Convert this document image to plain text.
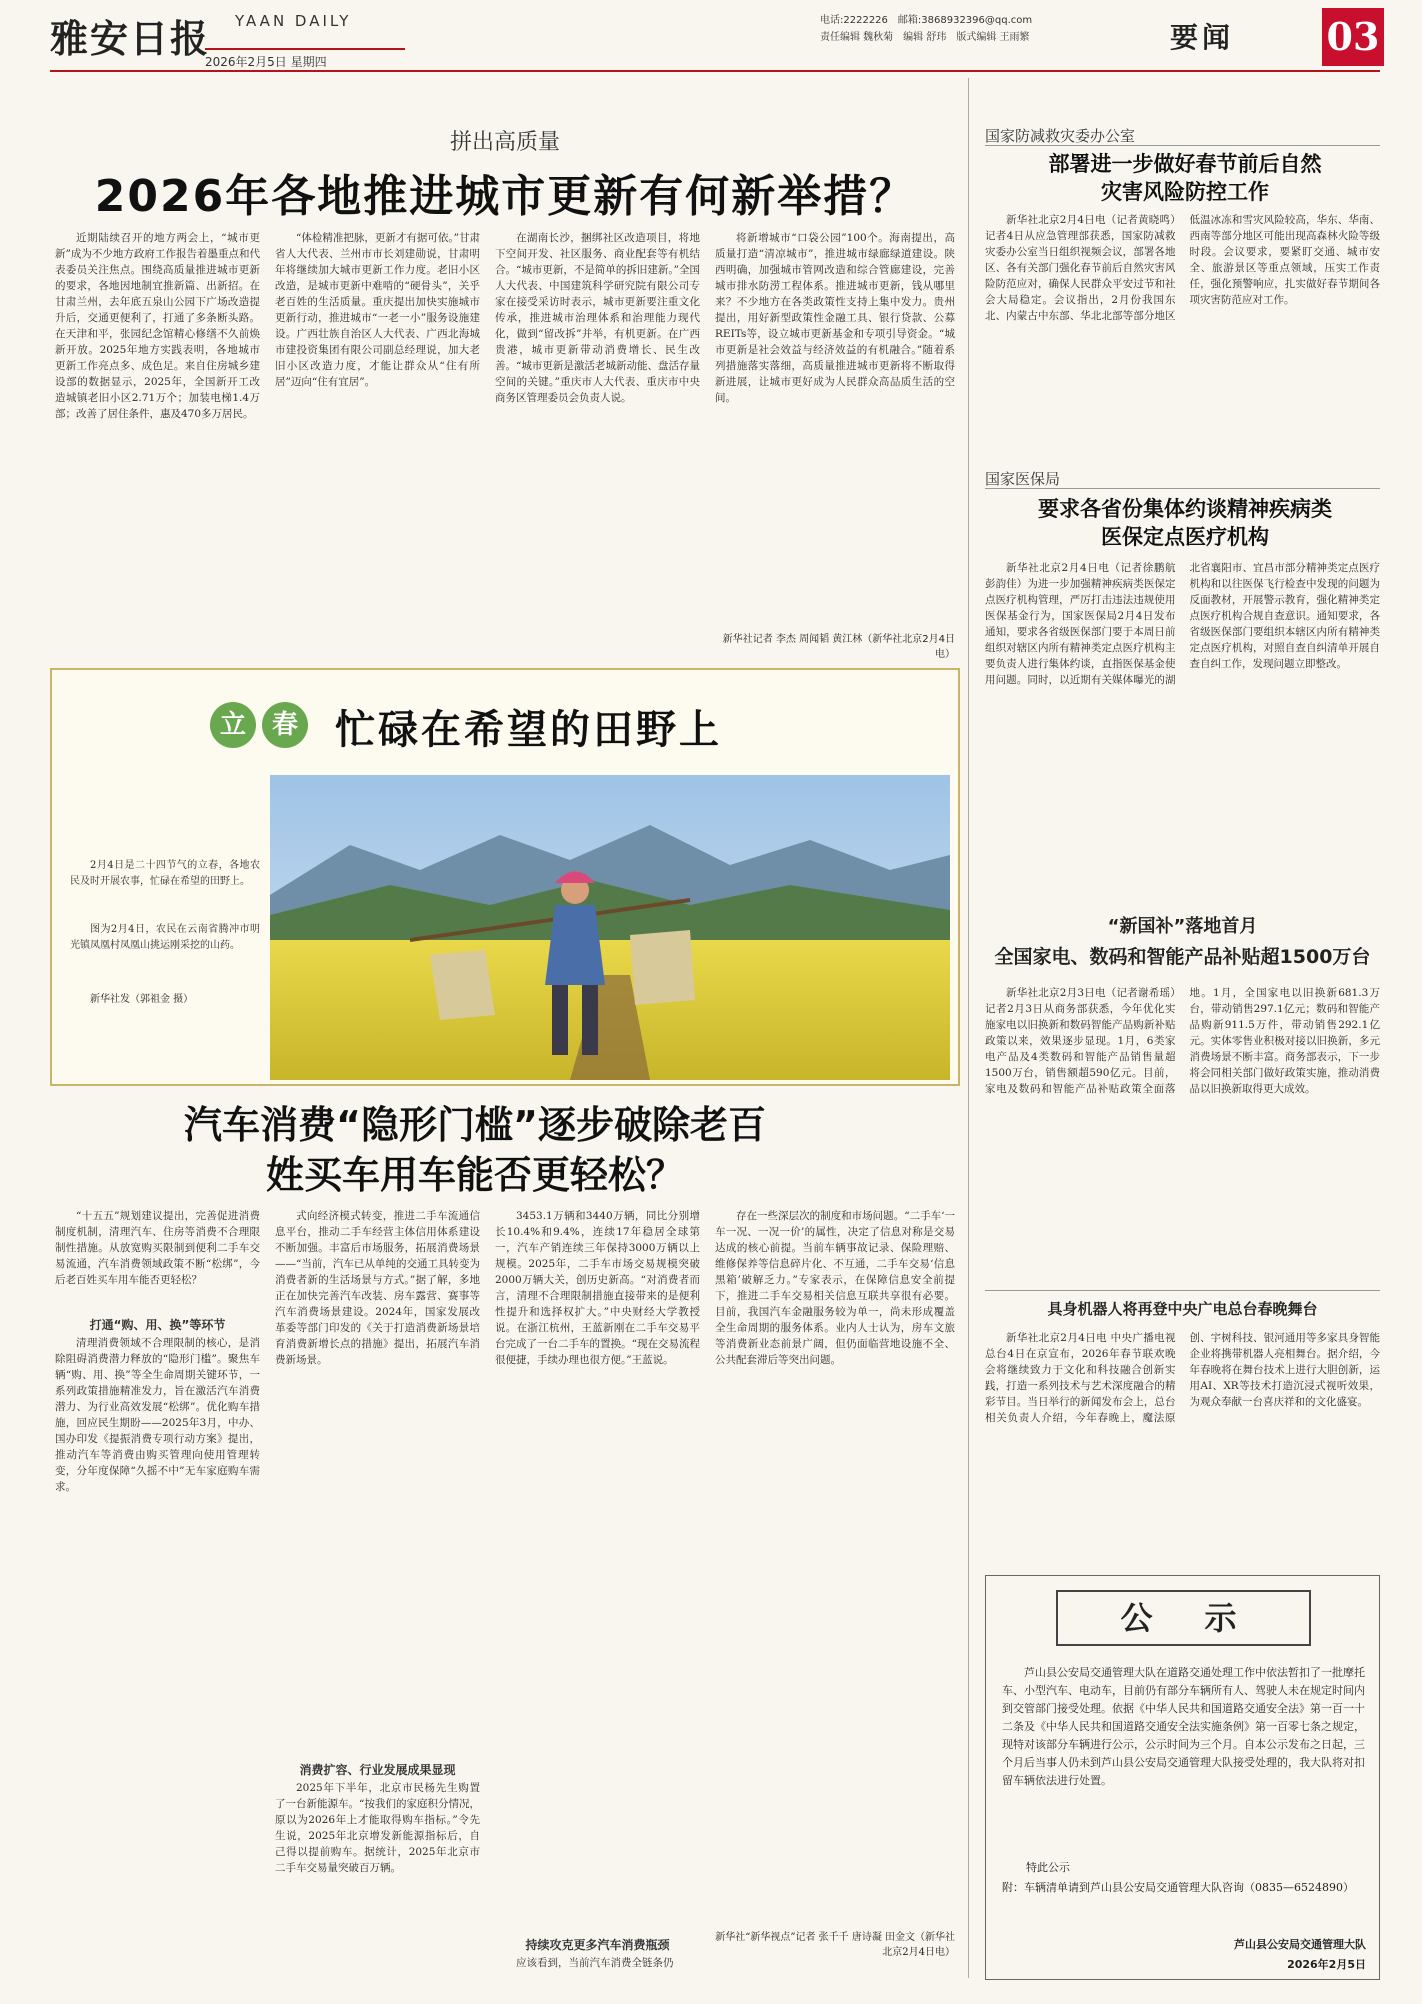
雅安日报 YAAN DAILY
2026年2月5日 星期四
电话:2222226　邮箱:3868932396@qq.com
责任编辑 魏秋菊　编辑 舒玮　版式编辑 王雨繁	要闻 03
拼出高质量
2026年各地推进城市更新有何新举措？
近期陆续召开的地方两会上，“城市更新”成为不少地方政府工作报告着墨重点和代表委员关注焦点。围绕高质量推进城市更新的要求，各地因地制宜推新篇、出新招。在甘肃兰州，去年底五泉山公园下广场改造提升后，交通更便利了，打通了多条断头路。在天津和平，张园纪念馆精心修缮不久前焕新开放。2025年地方实践表明，各地城市更新工作亮点多、成色足。来自住房城乡建设部的数据显示，2025年，全国新开工改造城镇老旧小区2.71万个；加装电梯1.4万部；改善了居住条件，惠及470多万居民。
“体检精准把脉，更新才有据可依。”甘肃省人大代表、兰州市市长刘建勋说，甘肃明年将继续加大城市更新工作力度。老旧小区改造，是城市更新中难啃的“硬骨头”，关乎老百姓的生活质量。重庆提出加快实施城市更新行动，推进城市“一老一小”服务设施建设。广西壮族自治区人大代表、广西北海城市建投资集团有限公司副总经理说，加大老旧小区改造力度，才能让群众从“住有所居”迈向“住有宜居”。
在湖南长沙，捆绑社区改造项目，将地下空间开发、社区服务、商业配套等有机结合。“城市更新，不是简单的拆旧建新。”全国人大代表、中国建筑科学研究院有限公司专家在接受采访时表示，城市更新要注重文化传承，推进城市治理体系和治理能力现代化，做到“留改拆”并举，有机更新。在广西贵港，城市更新带动消费增长、民生改善。“城市更新是激活老城新动能、盘活存量空间的关键。”重庆市人大代表、重庆市中央商务区管理委员会负责人说。
将新增城市“口袋公园”100个。海南提出，高质量打造“清凉城市”，推进城市绿廊绿道建设。陕西明确，加强城市管网改造和综合管廊建设，完善城市排水防涝工程体系。推进城市更新，钱从哪里来？不少地方在各类政策性支持上集中发力。贵州提出，用好新型政策性金融工具、银行贷款、公募REITs等，设立城市更新基金和专项引导资金。“城市更新是社会效益与经济效益的有机融合。”随着系列措施落实落细，高质量推进城市更新将不断取得新进展，让城市更好成为人民群众高品质生活的空间。
新华社记者 李杰 周闻韬 黄江林（新华社北京2月4日电）
国家防减救灾委办公室
部署进一步做好春节前后自然灾害风险防控工作
新华社北京2月4日电（记者黄晓鸣）记者4日从应急管理部获悉，国家防减救灾委办公室当日组织视频会议，部署各地区、各有关部门强化春节前后自然灾害风险防范应对，确保人民群众平安过节和社会大局稳定。会议指出，2月份我国东北、内蒙古中东部、华北北部等部分地区低温冰冻和雪灾风险较高，华东、华南、西南等部分地区可能出现高森林火险等级时段。会议要求，要紧盯交通、城市安全、旅游景区等重点领域，压实工作责任，强化预警响应，扎实做好春节期间各项灾害防范应对工作。
国家医保局
要求各省份集体约谈精神疾病类医保定点医疗机构
新华社北京2月4日电（记者徐鹏航 彭韵佳）为进一步加强精神疾病类医保定点医疗机构管理，严厉打击违法违规使用医保基金行为，国家医保局2月4日发布通知，要求各省级医保部门要于本周日前组织对辖区内所有精神类定点医疗机构主要负责人进行集体约谈，直指医保基金使用问题。同时，以近期有关媒体曝光的湖北省襄阳市、宜昌市部分精神类定点医疗机构和以往医保飞行检查中发现的问题为反面教材，开展警示教育，强化精神类定点医疗机构合规自查意识。通知要求，各省级医保部门要组织本辖区内所有精神类定点医疗机构，对照自查自纠清单开展自查自纠工作，发现问题立即整改。
“新国补”落地首月
全国家电、数码和智能产品补贴超1500万台
新华社北京2月3日电（记者谢希瑶）记者2月3日从商务部获悉，今年优化实施家电以旧换新和数码智能产品购新补贴政策以来，效果逐步显现。1月，6类家电产品及4类数码和智能产品销售量超1500万台，销售额超590亿元。目前，家电及数码和智能产品补贴政策全面落地。1月，全国家电以旧换新681.3万台，带动销售297.1亿元；数码和智能产品购新911.5万件，带动销售292.1亿元。实体零售业积极对接以旧换新，多元消费场景不断丰富。商务部表示，下一步将会同相关部门做好政策实施，推动消费品以旧换新取得更大成效。
具身机器人将再登中央广电总台春晚舞台
新华社北京2月4日电 中央广播电视总台4日在京宣布，2026年春节联欢晚会将继续致力于文化和科技融合创新实践，打造一系列技术与艺术深度融合的精彩节目。当日举行的新闻发布会上，总台相关负责人介绍，今年春晚上，魔法原创、宇树科技、银河通用等多家具身智能企业将携带机器人亮相舞台。据介绍，今年春晚将在舞台技术上进行大胆创新，运用AI、XR等技术打造沉浸式视听效果，为观众奉献一台喜庆祥和的文化盛宴。
公　示
芦山县公安局交通管理大队在道路交通处理工作中依法暂扣了一批摩托车、小型汽车、电动车，目前仍有部分车辆所有人、驾驶人未在规定时间内到交管部门接受处理。依据《中华人民共和国道路交通安全法》第一百一十二条及《中华人民共和国道路交通安全法实施条例》第一百零七条之规定，现特对该部分车辆进行公示，公示时间为三个月。自本公示发布之日起，三个月后当事人仍未到芦山县公安局交通管理大队接受处理的，我大队将对扣留车辆依法进行处置。
特此公示
附：车辆清单请到芦山县公安局交通管理大队咨询（0835—6524890）
芦山县公安局交通管理大队
2026年2月5日
立 春 忙碌在希望的田野上
2月4日是二十四节气的立春，各地农民及时开展农事，忙碌在希望的田野上。
图为2月4日，农民在云南省腾冲市明光镇凤凰村凤凰山挑运刚采挖的山药。
新华社发（郭祖金 摄）
汽车消费“隐形门槛”逐步破除老百姓买车用车能否更轻松？
“十五五”规划建议提出，完善促进消费制度机制，清理汽车、住房等消费不合理限制性措施。从放宽购买限制到便利二手车交易流通，汽车消费领域政策不断“松绑”，今后老百姓买车用车能否更轻松？
打通“购、用、换”等环节
清理消费领域不合理限制的核心，是消除阻碍消费潜力释放的“隐形门槛”。聚焦车辆“购、用、换”等全生命周期关键环节，一系列政策措施精准发力，旨在激活汽车消费潜力、为行业高效发展“松绑”。优化购车措施，回应民生期盼——2025年3月，中办、国办印发《提振消费专项行动方案》提出，推动汽车等消费由购买管理向使用管理转变，分年度保障“久摇不中”无车家庭购车需求。
式向经济模式转变，推进二手车流通信息平台，推动二手车经营主体信用体系建设不断加强。丰富后市场服务，拓展消费场景——“当前，汽车已从单纯的交通工具转变为消费者新的生活场景与方式。”据了解，多地正在加快完善汽车改装、房车露营、赛事等汽车消费场景建设。2024年，国家发展改革委等部门印发的《关于打造消费新场景培育消费新增长点的措施》提出，拓展汽车消费新场景。
消费扩容、行业发展成果显现
2025年下半年，北京市民杨先生购置了一台新能源车。“按我们的家庭积分情况，原以为2026年上才能取得购车指标。”令先生说，2025年北京增发新能源指标后，自己得以提前购车。据统计，2025年北京市二手车交易量突破百万辆。
3453.1万辆和3440万辆，同比分别增长10.4%和9.4%，连续17年稳居全球第一，汽车产销连续三年保持3000万辆以上规模。2025年，二手车市场交易规模突破2000万辆大关，创历史新高。“对消费者而言，清理不合理限制措施直接带来的是便利性提升和选择权扩大。”中央财经大学教授说。在浙江杭州，王蓝新刚在二手车交易平台完成了一台二手车的置换。“现在交易流程很便捷，手续办理也很方便。”王蓝说。
存在一些深层次的制度和市场问题。“二手车‘一车一况、一况一价’的属性，决定了信息对称是交易达成的核心前提。当前车辆事故记录、保险理赔、维修保养等信息碎片化、不互通，二手车交易‘信息黑箱’破解乏力。”专家表示，在保障信息安全前提下，推进二手车交易相关信息互联共享很有必要。目前，我国汽车金融服务较为单一，尚未形成覆盖全生命周期的服务体系。业内人士认为，房车文旅等消费新业态前景广阔，但仍面临营地设施不全、公共配套滞后等突出问题。
持续攻克更多汽车消费瓶颈
应该看到，当前汽车消费全链条仍
新华社“新华视点”记者 张千千 唐诗凝 田金文（新华社北京2月4日电）
